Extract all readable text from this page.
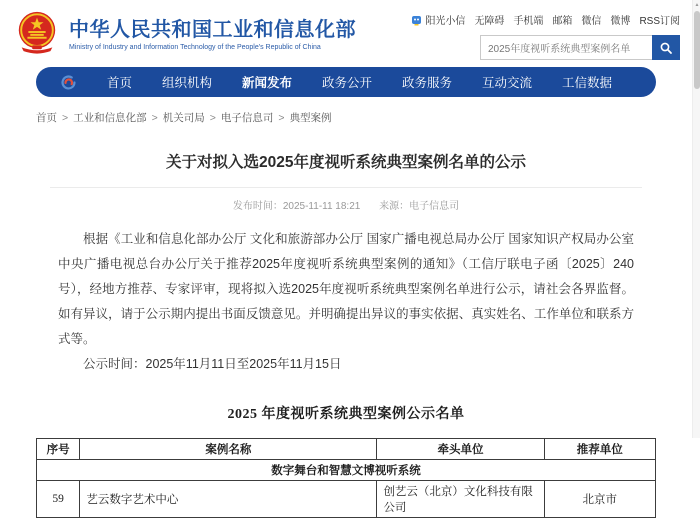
中华人民共和国工业和信息化部
Ministry of Industry and Information Technology of the People's Republic of China
阳光小信 无障碍 手机端 邮箱 微信 微博 RSS订阅
2025年度视听系统典型案例名单
首页 组织机构 新闻发布 政务公开 政务服务 互动交流 工信数据
首页 > 工业和信息化部 > 机关司局 > 电子信息司 > 典型案例
关于对拟入选2025年度视听系统典型案例名单的公示
发布时间：2025-11-11 18:21 来源：电子信息司

根据《工业和信息化部办公厅 文化和旅游部办公厅 国家广播电视总局办公厅 国家知识产权局办公室 中央广播电视总台办公厅关于推荐2025年度视听系统典型案例的通知》（工信厅联电子函〔2025〕240号），经地方推荐、专家评审，现将拟入选2025年度视听系统典型案例名单进行公示，请社会各界监督。如有异议，请于公示期内提出书面反馈意见。并明确提出异议的事实依据、真实姓名、工作单位和联系方式等。

公示时间：2025年11月11日至2025年11月15日

2025 年度视听系统典型案例公示名单
序号	案例名称	牵头单位	推荐单位
数字舞台和智慧文博视听系统			
59	艺云数字艺术中心	创艺云（北京）文化科技有限公司	北京市
▲
